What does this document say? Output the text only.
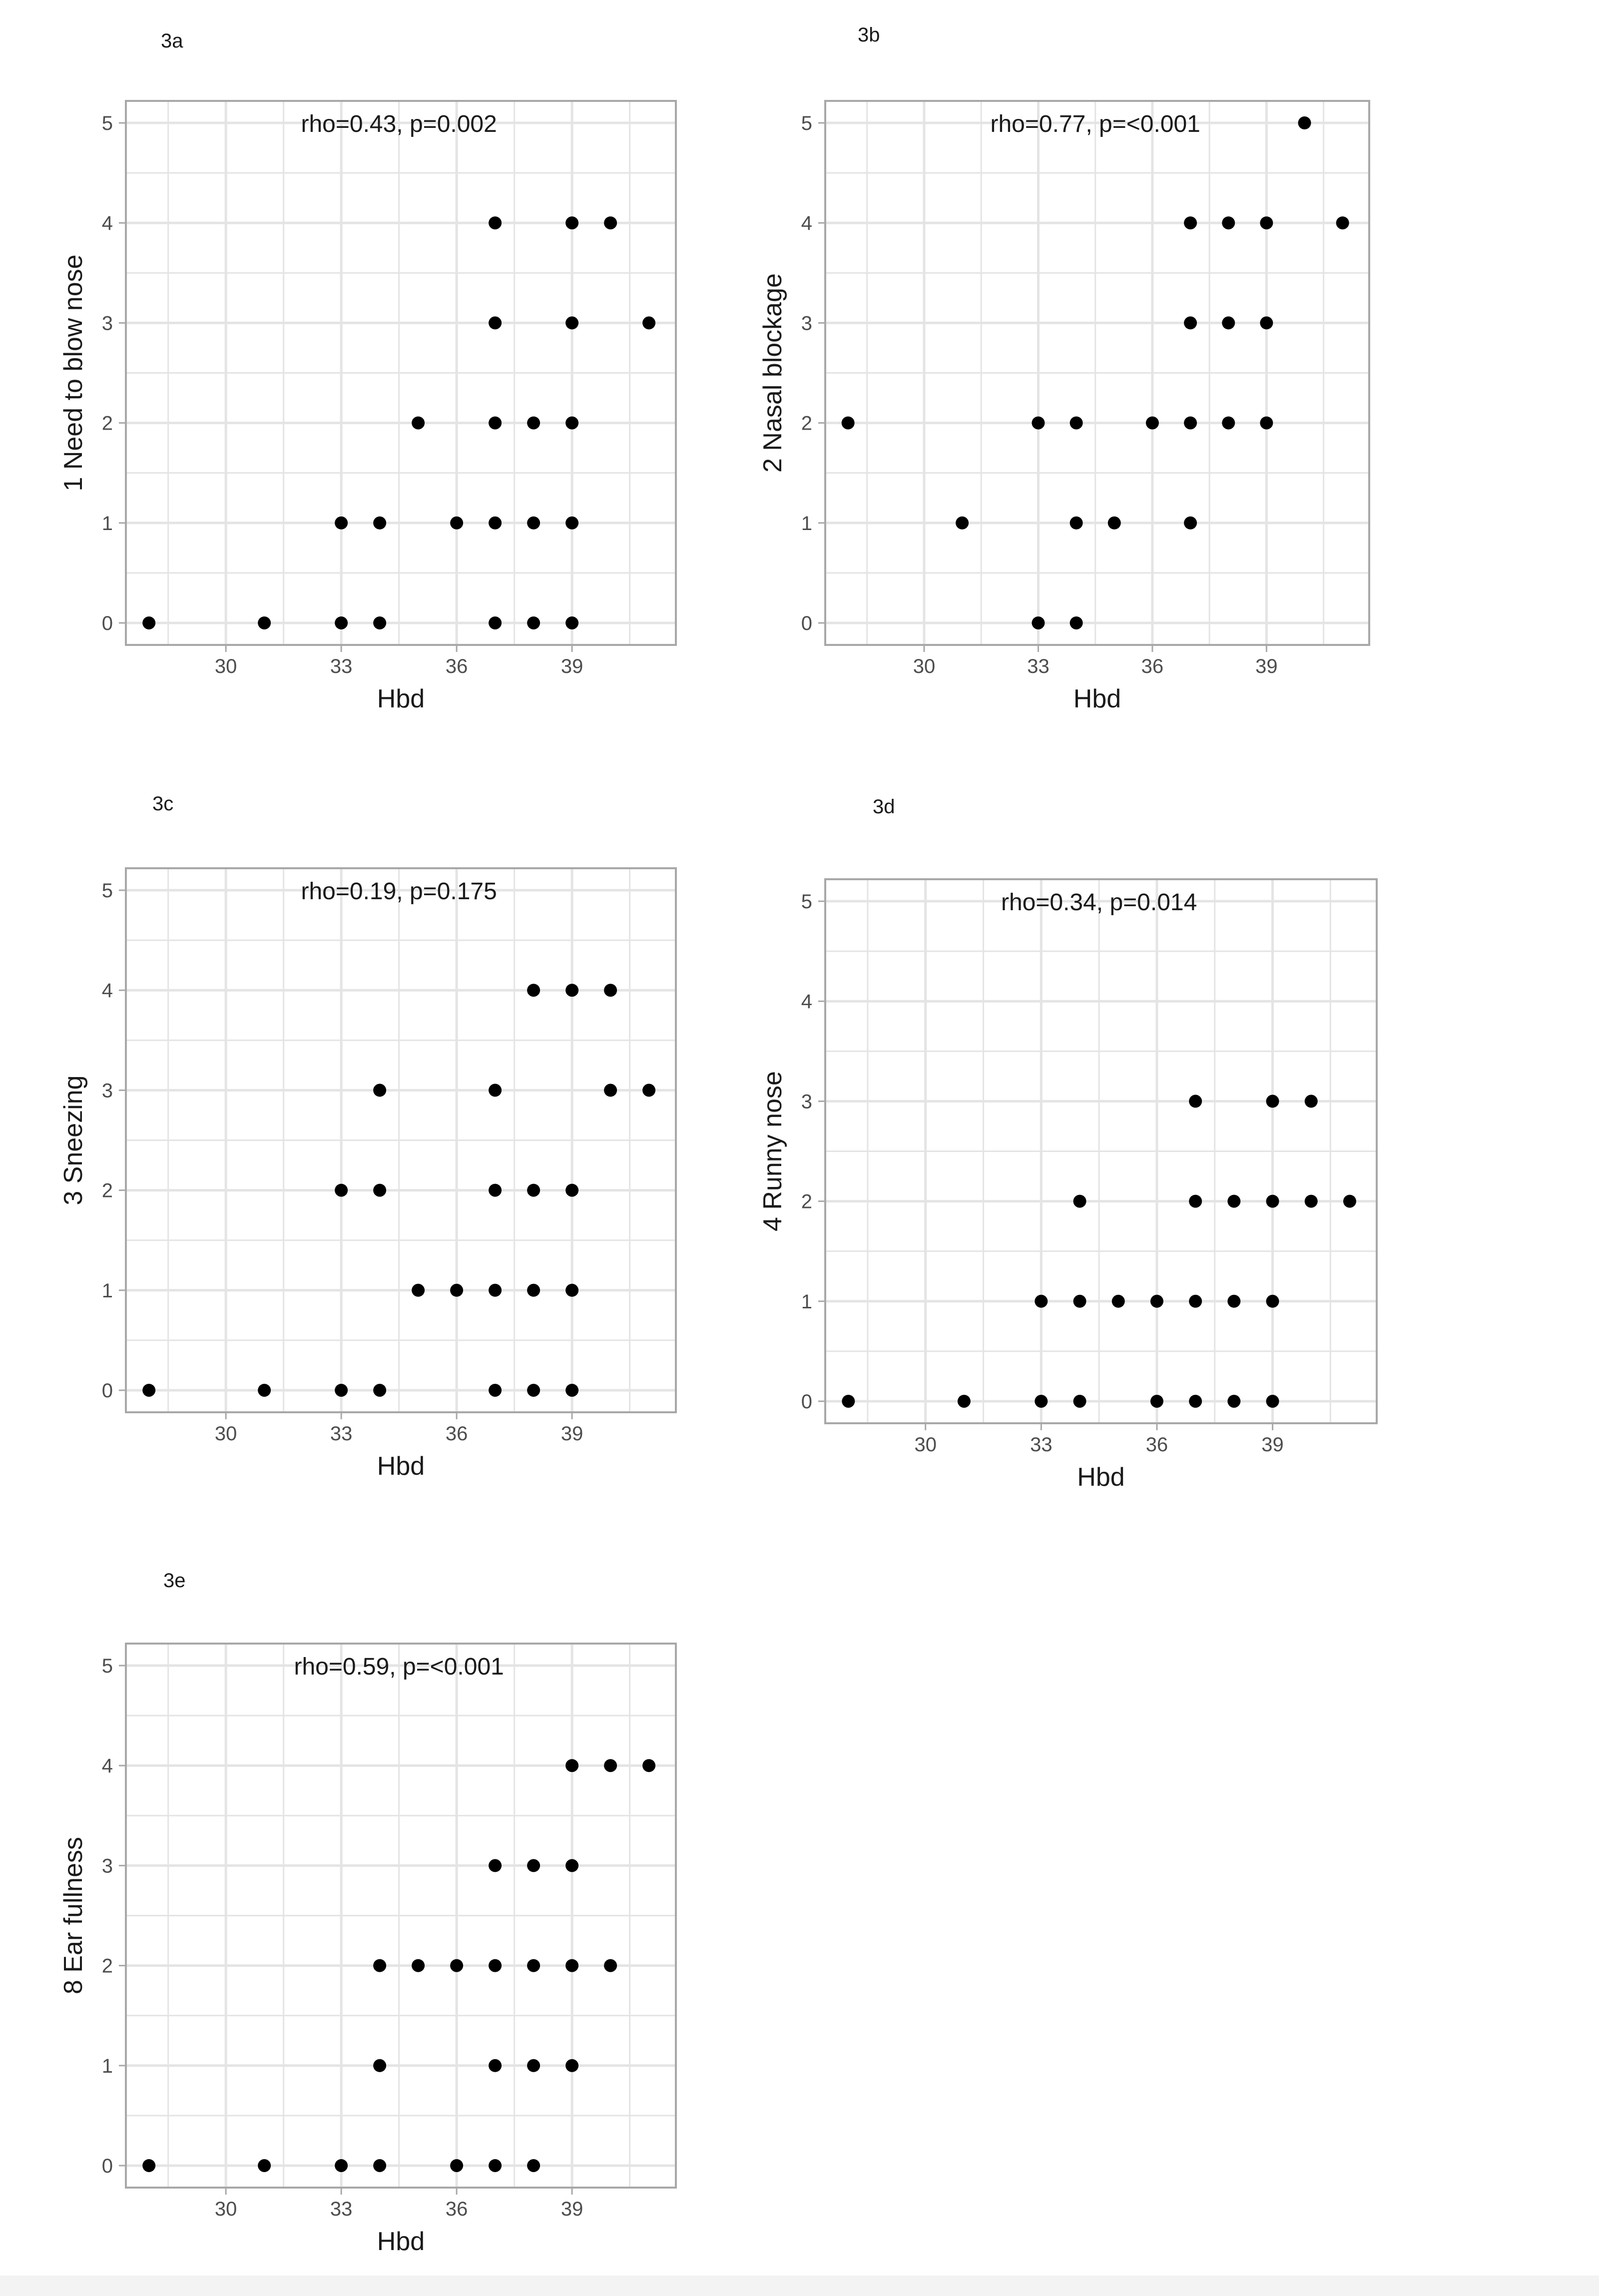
3a
0
1
2
3
4
5
30	33	36	39
Hbd
1 Need to blow nose
rho=0.43, p=0.002
3b
0
1
2
3
4
5
30	33	36	39
Hbd
2 Nasal blockage
rho=0.77, p=<0.001
3c
0
1
2
3
4
5
30	33	36	39
Hbd
3 Sneezing
rho=0.19, p=0.175
3d
0
1
2
3
4
5
30	33	36	39
Hbd
4 Runny nose
rho=0.34, p=0.014
3e
0
1
2
3
4
5
30	33	36	39
Hbd
8 Ear fullness
rho=0.59, p=<0.001
